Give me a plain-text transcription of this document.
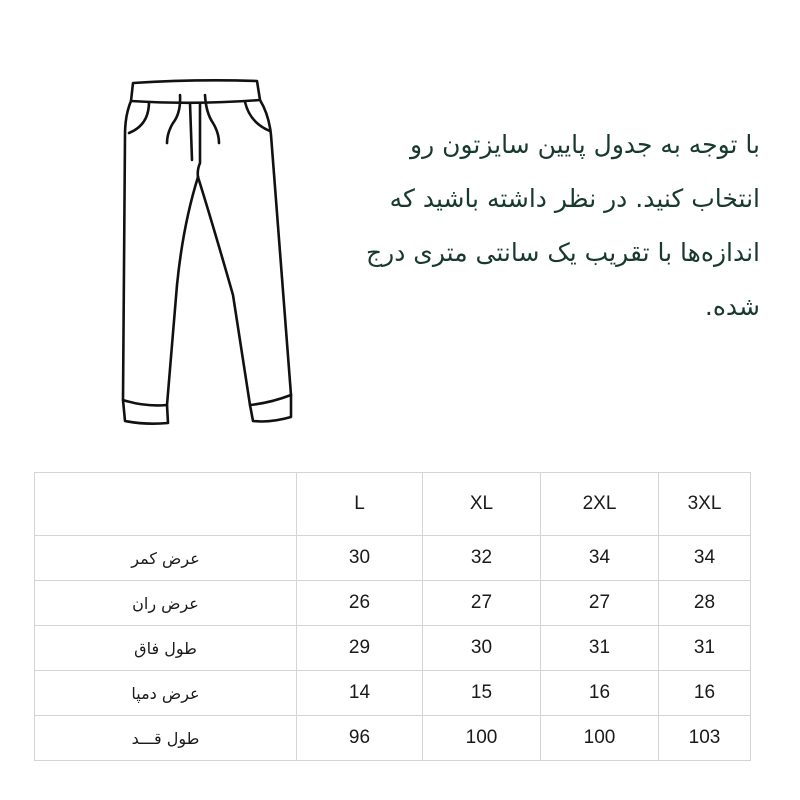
با توجه به جدول پایین سایزتون رو انتخاب کنید. در نظر داشته باشید که اندازه‌ها با تقریب یک سانتی متری درج شده.
	L	XL	2XL	3XL
عرض کمر	30	32	34	34
عرض ران	26	27	27	28
طول فاق	29	30	31	31
عرض دمپا	14	15	16	16
طول قـــد	96	100	100	103
